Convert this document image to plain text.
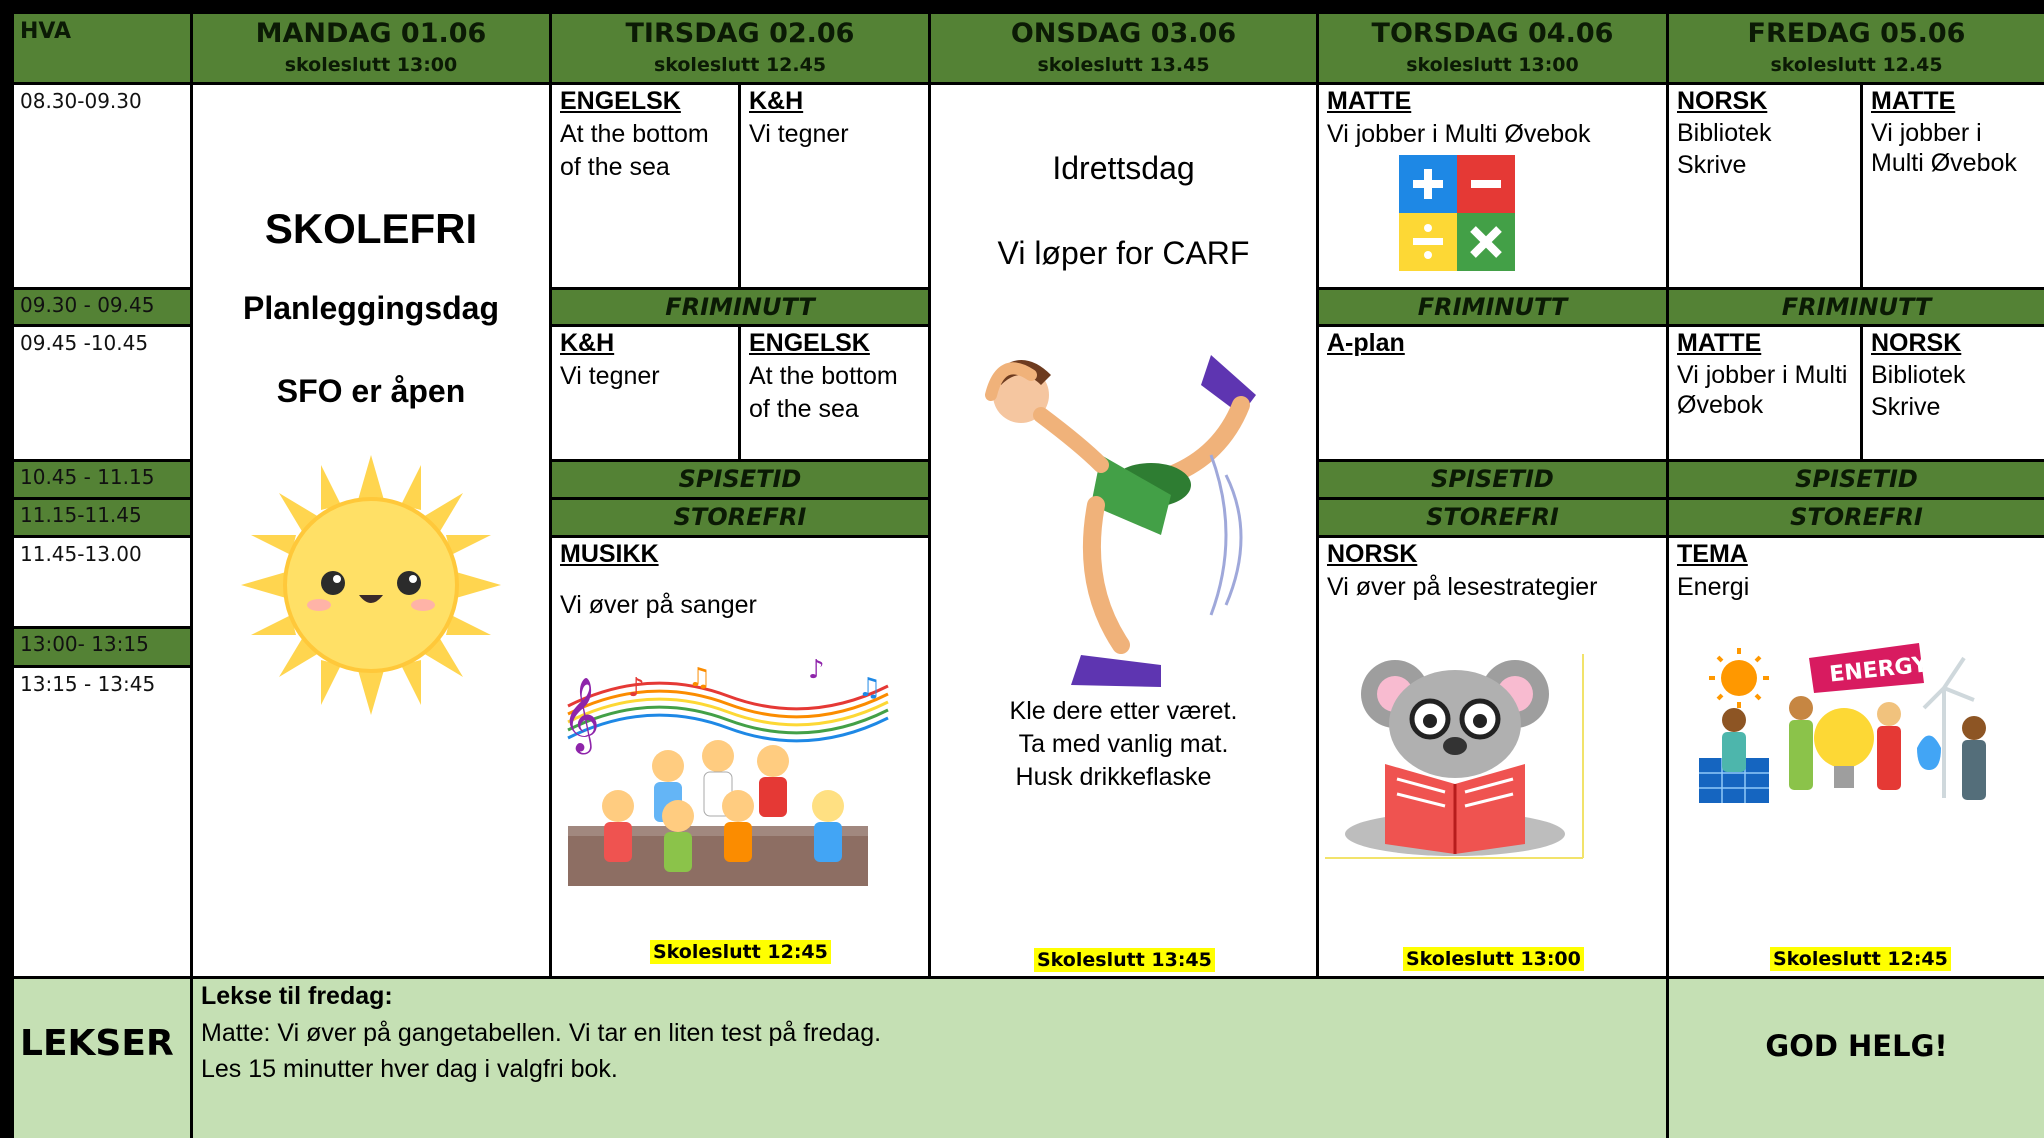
HVA	MANDAG 01.06
skoleslutt 13:00
TIRSDAG 02.06
skoleslutt 12.45
ONSDAG 03.06
skoleslutt 13.45
TORSDAG 04.06
skoleslutt 13:00
FREDAG 05.06
skoleslutt 12.45
08.30-09.30
09.30 - 09.45
09.45 -10.45
10.45 - 11.15
11.15-11.45
11.45-13.00
13:00- 13:15
13:15 - 13:45
SKOLEFRI
Planleggingsdag
SFO er åpen
ENGELSK
At the bottom of the sea
K&H
Vi tegner
FRIMINUTT
K&H
Vi tegner
ENGELSK
At the bottom of the sea
SPISETID
STOREFRI
MUSIKK
Vi øver på sanger
𝄞 ♪ ♫	♪
♫
Skoleslutt 12:45
Idrettsdag
Vi løper for CARF
Kle dere etter været.
Ta med vanlig mat.
Husk drikkeflaske
Skoleslutt 13:45
MATTE
Vi jobber i Multi Øvebok
FRIMINUTT
A-plan
SPISETID
STOREFRI
NORSK
Vi øver på lesestrategier
Skoleslutt 13:00
NORSK
Bibliotek
Skrive
MATTE
Vi jobber i Multi Øvebok
FRIMINUTT
MATTE
Vi jobber i Multi Øvebok
NORSK
Bibliotek
Skrive
SPISETID
STOREFRI
TEMA
Energi
ENERGY
Skoleslutt 12:45
LEKSER
Lekse til fredag:
Matte: Vi øver på gangetabellen. Vi tar en liten test på fredag.
Les 15 minutter hver dag i valgfri bok.
GOD HELG!
